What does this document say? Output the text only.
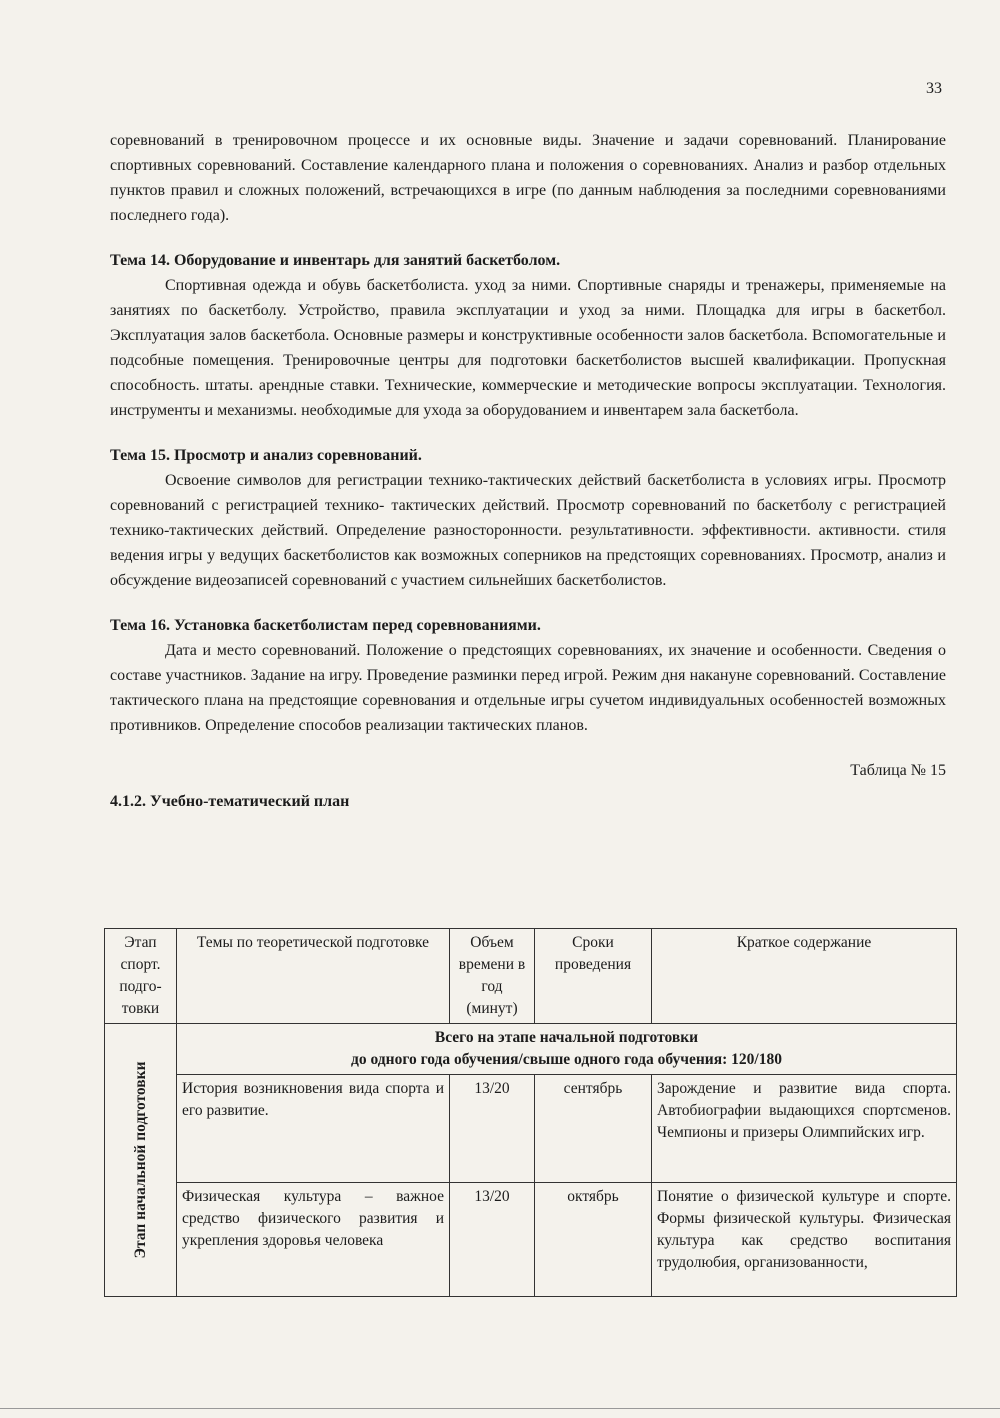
33

соревнований в тренировочном процессе и их основные виды. Значение и задачи соревнований. Планирование спортивных соревнований. Составление календарного плана и положения о соревнованиях. Анализ и разбор отдельных пунктов правил и сложных положений, встречающихся в игре (по данным наблюдения за последними соревнованиями последнего года).

Тема 14. Оборудование и инвентарь для занятий баскетболом.

Спортивная одежда и обувь баскетболиста. уход за ними. Спортивные снаряды и тренажеры, применяемые на занятиях по баскетболу. Устройство, правила эксплуатации и уход за ними. Площадка для игры в баскетбол. Эксплуатация залов баскетбола. Основные размеры и конструктивные особенности залов баскетбола. Вспомогательные и подсобные помещения. Тренировочные центры для подготовки баскетболистов высшей квалификации. Пропускная способность. штаты. арендные ставки. Технические, коммерческие и методические вопросы эксплуатации. Технология. инструменты и механизмы. необходимые для ухода за оборудованием и инвентарем зала баскетбола.

Тема 15. Просмотр и анализ соревнований.

Освоение символов для регистрации технико-тактических действий баскетболиста в условиях игры. Просмотр соревнований с регистрацией технико- тактических действий. Просмотр соревнований по баскетболу с регистрацией технико-тактических действий. Определение разносторонности. результативности. эффективности. активности. стиля ведения игры у ведущих баскетболистов как возможных соперников на предстоящих соревнованиях. Просмотр, анализ и обсуждение видеозаписей соревнований с участием сильнейших баскетболистов.

Тема 16. Установка баскетболистам перед соревнованиями.

Дата и место соревнований. Положение о предстоящих соревнованиях, их значение и особенности. Сведения о составе участников. Задание на игру. Проведение разминки перед игрой. Режим дня накануне соревнований. Составление тактического плана на предстоящие соревнования и отдельные игры сучетом индивидуальных особенностей возможных противников. Определение способов реализации тактических планов.

Таблица № 15
4.1.2. Учебно-тематический план
Этап спорт. подго-товки	Темы по теоретической подготовке	Объем времени в год (минут)	Сроки проведения	Краткое содержание

Этап начальной подготовки	Всего на этапе начальной подготовки
до одного года обучения/свыше одного года обучения: 120/180			

	История возникновения вида спорта и его развитие.	13/20	сентябрь	Зарождение и развитие вида спорта. Автобиографии выдающихся спортсменов. Чемпионы и призеры Олимпийских игр.
	Физическая культура – важное средство физического развития и укрепления здоровья человека	13/20	октябрь	Понятие о физической культуре и спорте. Формы физической культуры. Физическая культура как средство воспитания трудолюбия, организованности,
